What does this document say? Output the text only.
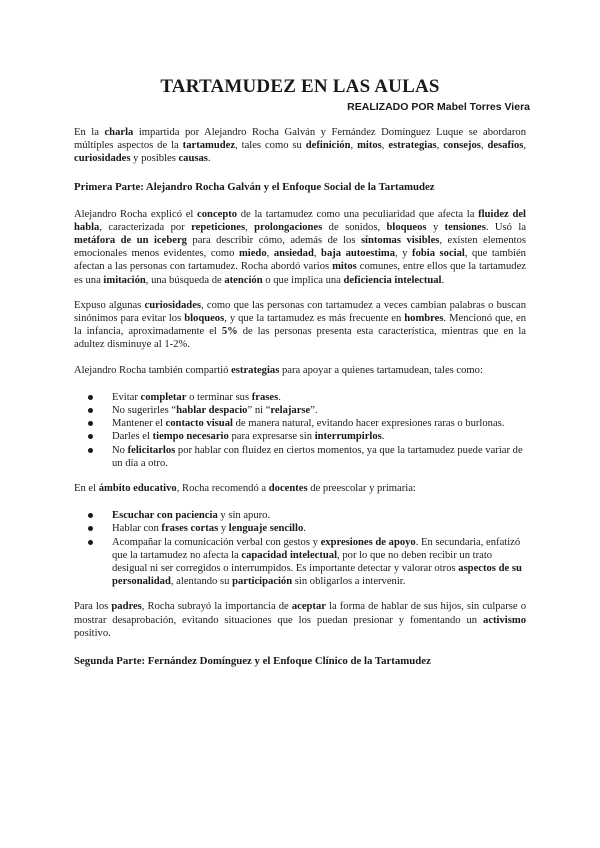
TARTAMUDEZ EN LAS AULAS
REALIZADO POR Mabel Torres Viera

En la charla impartida por Alejandro Rocha Galván y Fernández Domínguez Luque se abordaron múltiples aspectos de la tartamudez, tales como su definición, mitos, estrategias, consejos, desafíos, curiosidades y posibles causas.

Primera Parte: Alejandro Rocha Galván y el Enfoque Social de la Tartamudez

Alejandro Rocha explicó el concepto de la tartamudez como una peculiaridad que afecta la fluidez del habla, caracterizada por repeticiones, prolongaciones de sonidos, bloqueos y tensiones. Usó la metáfora de un iceberg para describir cómo, además de los síntomas visibles, existen elementos emocionales menos evidentes, como miedo, ansiedad, baja autoestima, y fobia social, que también afectan a las personas con tartamudez. Rocha abordó varios mitos comunes, entre ellos que la tartamudez es una imitación, una búsqueda de atención o que implica una deficiencia intelectual.

Expuso algunas curiosidades, como que las personas con tartamudez a veces cambian palabras o buscan sinónimos para evitar los bloqueos, y que la tartamudez es más frecuente en hombres. Mencionó que, en la infancia, aproximadamente el 5% de las personas presenta esta característica, mientras que en la adultez disminuye al 1-2%.

Alejandro Rocha también compartió estrategias para apoyar a quienes tartamudean, tales como:

Evitar completar o terminar sus frases.
No sugerirles “hablar despacio” ni “relajarse”.
Mantener el contacto visual de manera natural, evitando hacer expresiones raras o burlonas.
Darles el tiempo necesario para expresarse sin interrumpirlos.
No felicitarlos por hablar con fluidez en ciertos momentos, ya que la tartamudez puede variar de un día a otro.

En el ámbito educativo, Rocha recomendó a docentes de preescolar y primaria:

Escuchar con paciencia y sin apuro.
Hablar con frases cortas y lenguaje sencillo.
Acompañar la comunicación verbal con gestos y expresiones de apoyo. En secundaria, enfatizó que la tartamudez no afecta la capacidad intelectual, por lo que no deben recibir un trato desigual ni ser corregidos o interrumpidos. Es importante detectar y valorar otros aspectos de su personalidad, alentando su participación sin obligarlos a intervenir.

Para los padres, Rocha subrayó la importancia de aceptar la forma de hablar de sus hijos, sin culparse o mostrar desaprobación, evitando situaciones que los puedan presionar y fomentando un activismo positivo.

Segunda Parte: Fernández Domínguez y el Enfoque Clínico de la Tartamudez
